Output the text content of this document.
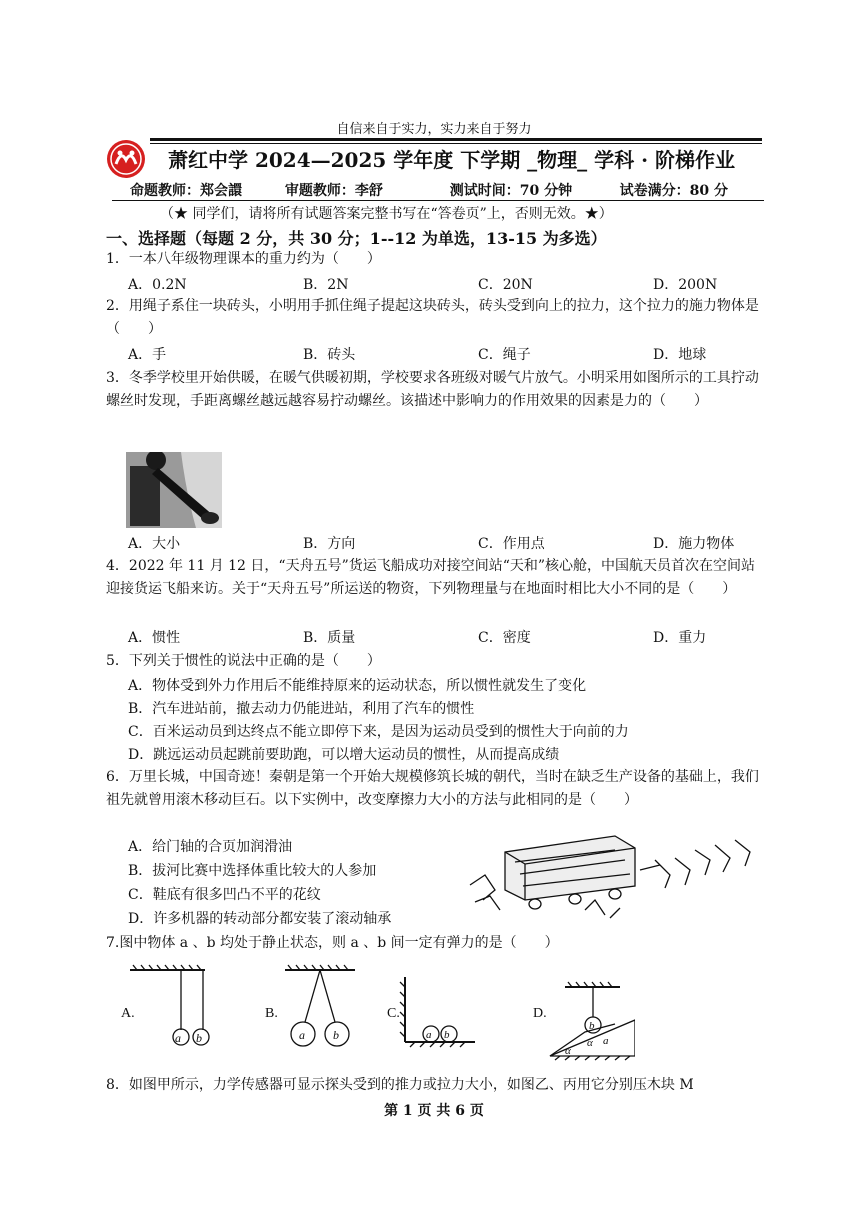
自信来自于实力，实力来自于努力
萧红中学 2024—2025 学年度 下学期 _物理_ 学科 · 阶梯作业
命题教师：郑会譞	审题教师：李舒	测试时间：70 分钟	试卷满分：80 分
（★ 同学们，请将所有试题答案完整书写在“答卷页”上，否则无效。★）
一、选择题（每题 2 分，共 30 分；1--12 为单选，13-15 为多选）
1．一本八年级物理课本的重力约为（　　）
A．0.2N	B．2N	C．20N	D．200N
2．用绳子系住一块砖头，小明用手抓住绳子提起这块砖头，砖头受到向上的拉力，这个拉力的施力物体是（　　）
A．手	B．砖头	C．绳子	D．地球
3．冬季学校里开始供暖，在暖气供暖初期，学校要求各班级对暖气片放气。小明采用如图所示的工具拧动螺丝时发现，手距离螺丝越远越容易拧动螺丝。该描述中影响力的作用效果的因素是力的（　　）
A．大小	B．方向	C．作用点	D．施力物体
4．2022 年 11 月 12 日，“天舟五号”货运飞船成功对接空间站“天和”核心舱，中国航天员首次在空间站迎接货运飞船来访。关于“天舟五号”所运送的物资，下列物理量与在地面时相比大小不同的是（　　）
A．惯性	B．质量	C．密度	D．重力
5．下列关于惯性的说法中正确的是（　　）
A．物体受到外力作用后不能维持原来的运动状态，所以惯性就发生了变化
B．汽车进站前，撤去动力仍能进站，利用了汽车的惯性
C．百米运动员到达终点不能立即停下来，是因为运动员受到的惯性大于向前的力
D．跳远运动员起跳前要助跑，可以增大运动员的惯性，从而提高成绩
6．万里长城，中国奇迹！秦朝是第一个开始大规模修筑长城的朝代，当时在缺乏生产设备的基础上，我们祖先就曾用滚木移动巨石。以下实例中，改变摩擦力大小的方法与此相同的是（　　）
A．给门轴的合页加润滑油
B．拔河比赛中选择体重比较大的人参加
C．鞋底有很多凹凸不平的花纹
D．许多机器的转动部分都安装了滚动轴承
7.图中物体 a 、b 均处于静止状态，则 a 、b 间一定有弹力的是（　　）
A.
a b
B.
a b
C.
a b
D.
b
a
α
α
8．如图甲所示，力学传感器可显示探头受到的推力或拉力大小，如图乙、丙用它分别压木块 M
第 1 页 共 6 页
